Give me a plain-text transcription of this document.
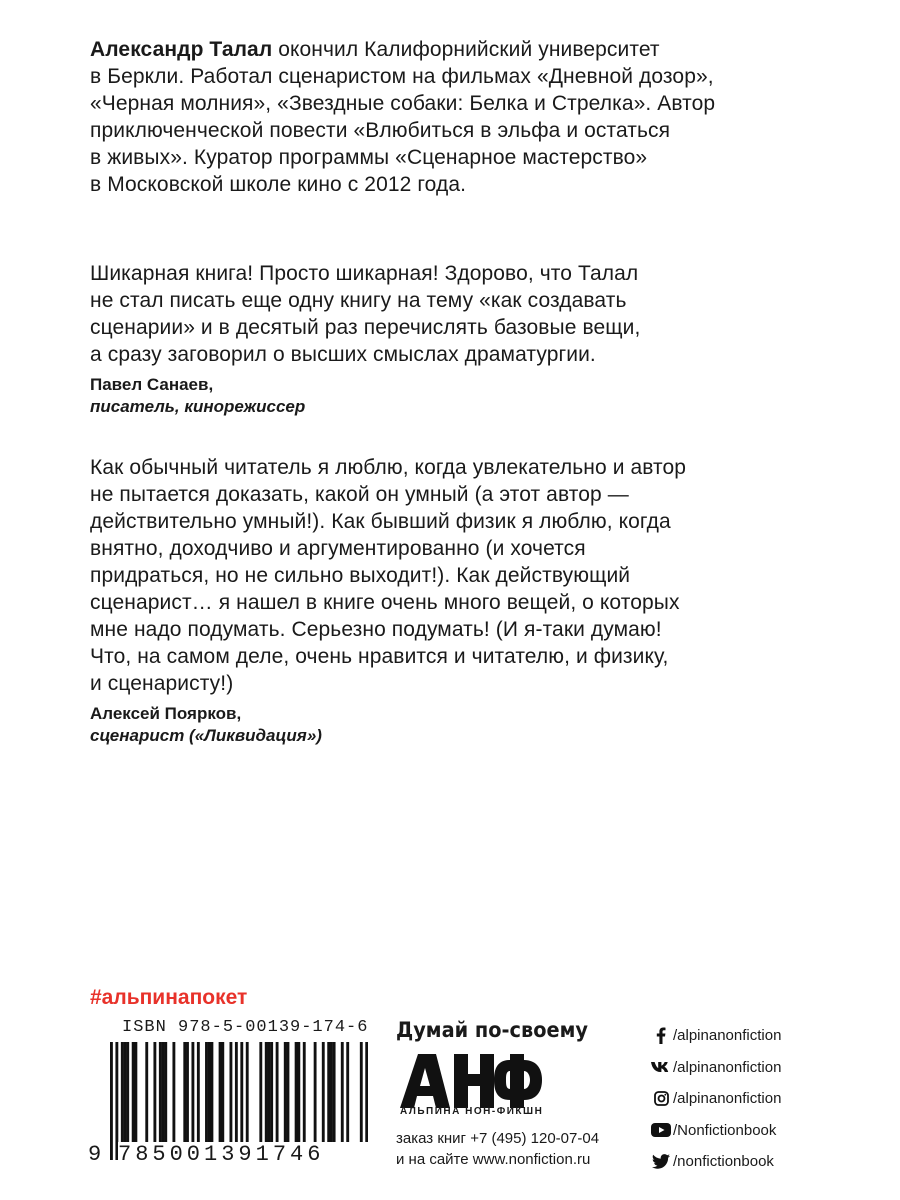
Александр Талал окончил Калифорнийский университет

в Беркли. Работал сценаристом на фильмах «Дневной дозор»,

«Черная молния», «Звездные собаки: Белка и Стрелка». Автор

приключенческой повести «Влюбиться в эльфа и остаться

в живых». Куратор программы «Сценарное мастерство»

в Московской школе кино с 2012 года.

Шикарная книга! Просто шикарная! Здорово, что Талал

не стал писать еще одну книгу на тему «как создавать

сценарии» и в десятый раз перечислять базовые вещи,

а сразу заговорил о высших смыслах драматургии.

Павел Санаев,
писатель, кинорежиссер

Как обычный читатель я люблю, когда увлекательно и автор

не пытается доказать, какой он умный (а этот автор —

действительно умный!). Как бывший физик я люблю, когда

внятно, доходчиво и аргументированно (и хочется

придраться, но не сильно выходит!). Как действующий

сценарист… я нашел в книге очень много вещей, о которых

мне надо подумать. Серьезно подумать! (И я-таки думаю!

Что, на самом деле, очень нравится и читателю, и физику,

и сценаристу!)

Алексей Поярков,
сценарист («Ликвидация»)
#альпинапокет
ISBN 978-5-00139-174-6
9 785001391746
Думай по-своему
АЛЬПИНА НОН-ФИКШН
заказ книг +7 (495) 120-07-04
и на сайте www.nonfiction.ru
/alpinanonfiction
/alpinanonfiction
/alpinanonfiction
/Nonfictionbook
/nonfictionbook
